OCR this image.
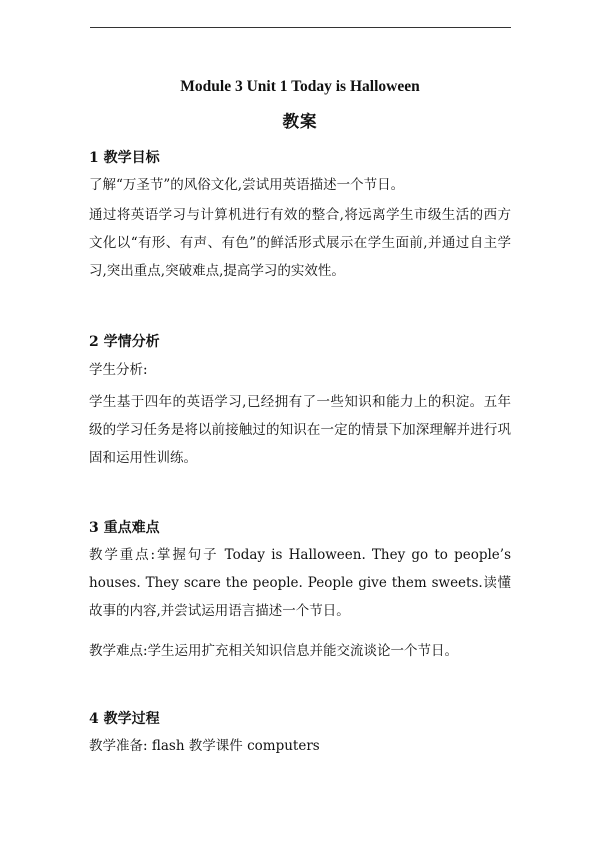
Module 3 Unit 1 Today is Halloween
教案
1 教学目标
了解“万圣节”的风俗文化,尝试用英语描述一个节日。
通过将英语学习与计算机进行有效的整合,将远离学生市级生活的西方文化以“有形、有声、有色”的鲜活形式展示在学生面前,并通过自主学习,突出重点,突破难点,提高学习的实效性。
2 学情分析
学生分析:
学生基于四年的英语学习,已经拥有了一些知识和能力上的积淀。五年级的学习任务是将以前接触过的知识在一定的情景下加深理解并进行巩固和运用性训练。
3 重点难点
教学重点:掌握句子 Today is Halloween. They go to people’s houses. They scare the people. People give them sweets.读懂故事的内容,并尝试运用语言描述一个节日。
教学难点:学生运用扩充相关知识信息并能交流谈论一个节日。
4 教学过程
教学准备: flash 教学课件 computers
